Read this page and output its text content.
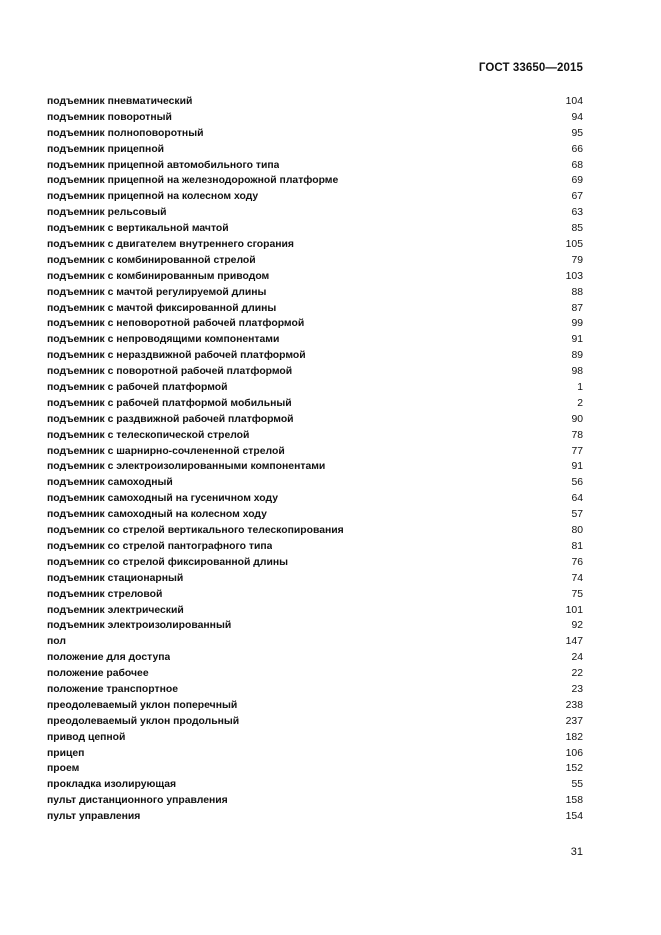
ГОСТ 33650—2015
подъемник пневматический	104
подъемник поворотный	94
подъемник полноповоротный	95
подъемник прицепной	66
подъемник прицепной автомобильного типа	68
подъемник прицепной на железнодорожной платформе	69
подъемник прицепной на колесном ходу	67
подъемник рельсовый	63
подъемник с вертикальной мачтой	85
подъемник с двигателем внутреннего сгорания	105
подъемник с комбинированной стрелой	79
подъемник с комбинированным приводом	103
подъемник с мачтой регулируемой длины	88
подъемник с мачтой фиксированной длины	87
подъемник с неповоротной рабочей платформой	99
подъемник с непроводящими компонентами	91
подъемник с нераздвижной рабочей платформой	89
подъемник с поворотной рабочей платформой	98
подъемник с рабочей платформой	1
подъемник с рабочей платформой мобильный	2
подъемник с раздвижной рабочей платформой	90
подъемник с телескопической стрелой	78
подъемник с шарнирно-сочлененной стрелой	77
подъемник с электроизолированными компонентами	91
подъемник самоходный	56
подъемник самоходный на гусеничном ходу	64
подъемник самоходный на колесном ходу	57
подъемник со стрелой вертикального телескопирования	80
подъемник со стрелой пантографного типа	81
подъемник со стрелой фиксированной длины	76
подъемник стационарный	74
подъемник стреловой	75
подъемник электрический	101
подъемник электроизолированный	92
пол	147
положение для доступа	24
положение рабочее	22
положение транспортное	23
преодолеваемый уклон поперечный	238
преодолеваемый уклон продольный	237
привод цепной	182
прицеп	106
проем	152
прокладка изолирующая	55
пульт дистанционного управления	158
пульт управления	154
31
